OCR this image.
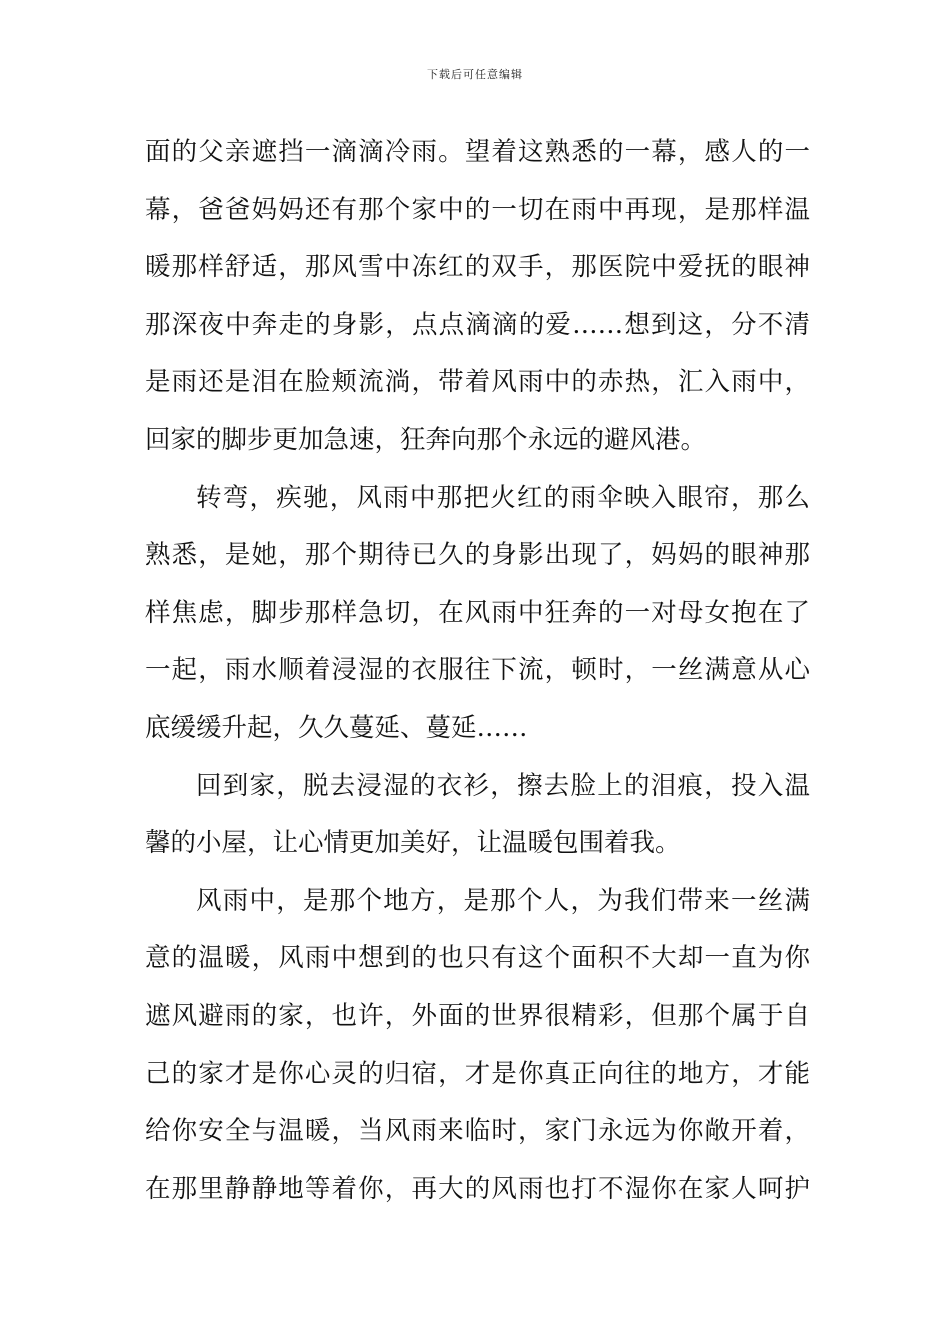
下载后可任意编辑
面的父亲遮挡一滴滴冷雨。望着这熟悉的一幕，感人的一
幕，爸爸妈妈还有那个家中的一切在雨中再现，是那样温
暖那样舒适，那风雪中冻红的双手，那医院中爱抚的眼神
那深夜中奔走的身影，点点滴滴的爱……想到这，分不清
是雨还是泪在脸颊流淌，带着风雨中的赤热，汇入雨中，
回家的脚步更加急速，狂奔向那个永远的避风港。
转弯，疾驰，风雨中那把火红的雨伞映入眼帘，那么
熟悉，是她，那个期待已久的身影出现了，妈妈的眼神那
样焦虑，脚步那样急切，在风雨中狂奔的一对母女抱在了
一起，雨水顺着浸湿的衣服往下流，顿时，一丝满意从心
底缓缓升起，久久蔓延、蔓延……
回到家，脱去浸湿的衣衫，擦去脸上的泪痕，投入温
馨的小屋，让心情更加美好，让温暖包围着我。
风雨中，是那个地方，是那个人，为我们带来一丝满
意的温暖，风雨中想到的也只有这个面积不大却一直为你
遮风避雨的家，也许，外面的世界很精彩，但那个属于自
己的家才是你心灵的归宿，才是你真正向往的地方，才能
给你安全与温暖，当风雨来临时，家门永远为你敞开着，
在那里静静地等着你，再大的风雨也打不湿你在家人呵护
